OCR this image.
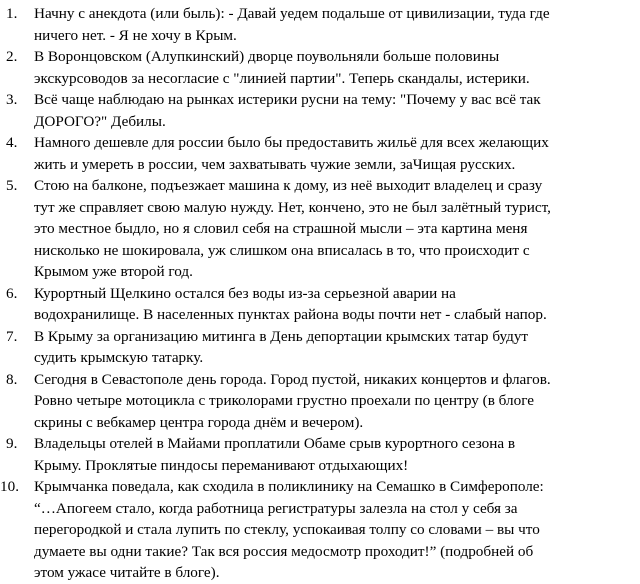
1. Начну с анекдота (или быль): - Давай уедем подальше от цивилизации, туда где
ничего нет. - Я не хочу в Крым.
2. В Воронцовском (Алупкинский) дворце поувольняли больше половины
экскурсоводов за несогласие с "линией партии". Теперь скандалы, истерики.
3. Всё чаще наблюдаю на рынках истерики русни на тему: "Почему у вас всё так
ДОРОГО?" Дебилы.
4. Намного дешевле для россии было бы предоставить жильё для всех желающих
жить и умереть в россии, чем захватывать чужие земли, заЧищая русских.
5. Стою на балконе, подъезжает машина к дому, из неё выходит владелец и сразу
тут же справляет свою малую нужду. Нет, кончено, это не был залётный турист,
это местное быдло, но я словил себя на страшной мысли – эта картина меня
нисколько не шокировала, уж слишком она вписалась в то, что происходит с
Крымом уже второй год.
6. Курортный Щелкино остался без воды из-за серьезной аварии на
водохранилище. В населенных пунктах района воды почти нет - слабый напор.
7. В Крыму за организацию митинга в День депортации крымских татар будут
судить крымскую татарку.
8. Сегодня в Севастополе день города. Город пустой, никаких концертов и флагов.
Ровно четыре мотоцикла с триколорами грустно проехали по центру (в блоге
скрины с вебкамер центра города днём и вечером).
9. Владельцы отелей в Майами проплатили Обаме срыв курортного сезона в
Крыму. Проклятые пиндосы переманивают отдыхающих!
10. Крымчанка поведала, как сходила в поликлинику на Семашко в Симферополе:
“…Апогеем стало, когда работница регистратуры залезла на стол у себя за
перегородкой и стала лупить по стеклу, успокаивая толпу со словами – вы что
думаете вы одни такие? Так вся россия медосмотр проходит!” (подробней об
этом ужасе читайте в блоге).
